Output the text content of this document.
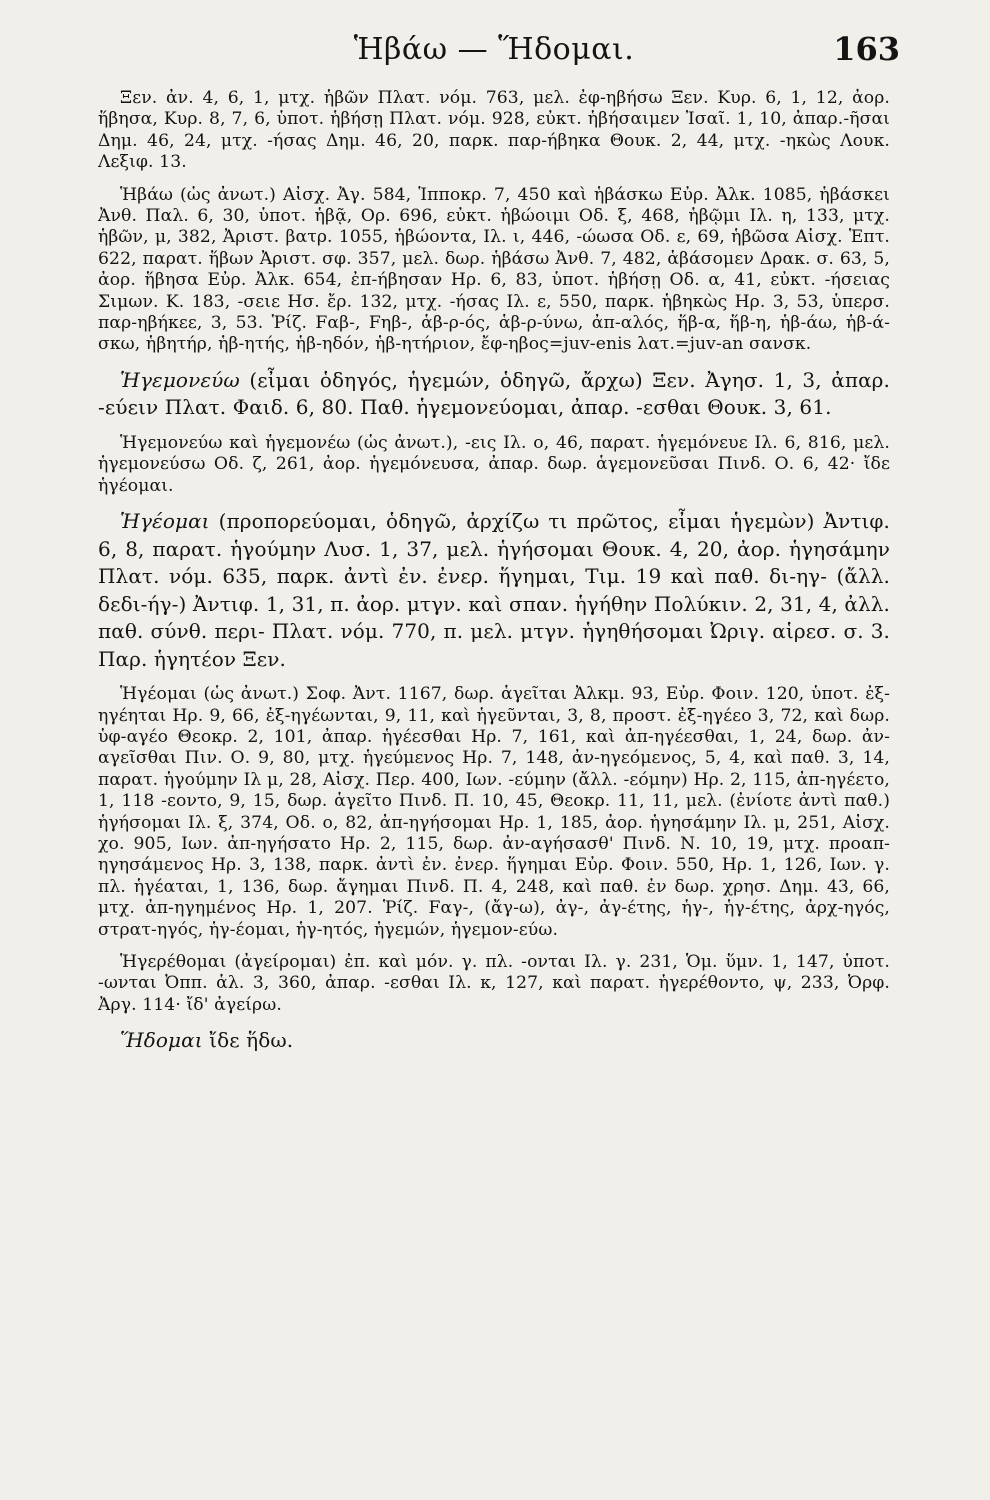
Ἡβάω — Ἥδομαι.	163

Ξεν. ἀν. 4, 6, 1, μτχ. ἡβῶν Πλατ. νόμ. 763, μελ. ἐφ-ηβήσω Ξεν. Κυρ. 6, 1, 12, ἀορ. ἥβησα, Κυρ. 8, 7, 6, ὑποτ. ἡβήσῃ Πλατ. νόμ. 928, εὐκτ. ἡβήσαιμεν Ἰσαῖ. 1, 10, ἀπαρ.-ῆσαι Δημ. 46, 24, μτχ. -ήσας Δημ. 46, 20, παρκ. παρ-ήβηκα Θουκ. 2, 44, μτχ. -ηκὼς Λουκ. Λεξιφ. 13.

Ἡβάω (ὡς ἀνωτ.) Αἰσχ. Ἀγ. 584, Ἱπποκρ. 7, 450 καὶ ἡβάσκω Εὐρ. Ἀλκ. 1085, ἡβάσκει Ἀνθ. Παλ. 6, 30, ὑποτ. ἡβᾷ, Ορ. 696, εὐκτ. ἡβώοιμι Οδ. ξ, 468, ἡβῷμι Ιλ. η, 133, μτχ. ἡβῶν, μ, 382, Ἀριστ. βατρ. 1055, ἡβώοντα, Ιλ. ι, 446, -ώωσα Οδ. ε, 69, ἡβῶσα Αἰσχ. Ἑπτ. 622, παρατ. ἥβων Ἀριστ. σφ. 357, μελ. δωρ. ἡβάσω Ἀνθ. 7, 482, ἁβάσομεν Δρακ. σ. 63, 5, ἀορ. ἥβησα Εὐρ. Ἀλκ. 654, ἐπ-ήβησαν Ηρ. 6, 83, ὑποτ. ἡβήσῃ Οδ. α, 41, εὐκτ. -ήσειας Σιμων. Κ. 183, -σειε Ησ. ἔρ. 132, μτχ. -ήσας Ιλ. ε, 550, παρκ. ἡβηκὼς Ηρ. 3, 53, ὑπερσ. παρ-ηβήκεε, 3, 53. Ῥίζ. Fαβ-, Fηβ-, ἁβ-ρ-ός, ἁβ-ρ-ύνω, ἀπ-αλός, ἥβ-α, ἥβ-η, ἡβ-άω, ἡβ-ά-σκω, ἡβητήρ, ἡβ-ητής, ἡβ-ηδόν, ἡβ-ητήριον, ἔφ-ηβος=juv-enis λατ.=juv-an σανσκ.

Ἡγεμονεύω (εἶμαι ὁδηγός, ἡγεμών, ὁδηγῶ, ἄρχω) Ξεν. Ἀγησ. 1, 3, ἀπαρ. -εύειν Πλατ. Φαιδ. 6, 80. Παθ. ἡγεμονεύομαι, ἀπαρ. -εσθαι Θουκ. 3, 61.

Ἡγεμονεύω καὶ ἡγεμονέω (ὡς ἀνωτ.), -εις Ιλ. ο, 46, παρατ. ἡγεμόνευε Ιλ. 6, 816, μελ. ἡγεμονεύσω Οδ. ζ, 261, ἀορ. ἡγεμόνευσα, ἀπαρ. δωρ. ἁγεμονεῦσαι Πινδ. Ο. 6, 42· ἴδε ἡγέομαι.

Ἡγέομαι (προπορεύομαι, ὁδηγῶ, ἀρχίζω τι πρῶτος, εἶμαι ἡγεμὼν) Ἀντιφ. 6, 8, παρατ. ἡγούμην Λυσ. 1, 37, μελ. ἡγήσομαι Θουκ. 4, 20, ἀορ. ἡγησάμην Πλατ. νόμ. 635, παρκ. ἀντὶ ἐν. ἐνερ. ἥγημαι, Τιμ. 19 καὶ παθ. δι-ηγ- (ἄλλ. δεδι-ήγ-) Ἀντιφ. 1, 31, π. ἀορ. μτγν. καὶ σπαν. ἡγήθην Πολύκιν. 2, 31, 4, ἀλλ. παθ. σύνθ. περι- Πλατ. νόμ. 770, π. μελ. μτγν. ἡγηθήσομαι Ὠριγ. αἱρεσ. σ. 3. Παρ. ἡγητέον Ξεν.

Ἡγέομαι (ὡς ἀνωτ.) Σοφ. Ἀντ. 1167, δωρ. ἁγεῖται Ἀλκμ. 93, Εὐρ. Φοιν. 120, ὑποτ. ἐξ-ηγέηται Ηρ. 9, 66, ἐξ-ηγέωνται, 9, 11, καὶ ἡγεῦνται, 3, 8, προστ. ἐξ-ηγέεο 3, 72, καὶ δωρ. ὑφ-αγέο Θεοκρ. 2, 101, ἀπαρ. ἡγέεσθαι Ηρ. 7, 161, καὶ ἀπ-ηγέεσθαι, 1, 24, δωρ. ἀν-αγεῖσθαι Πιν. Ο. 9, 80, μτχ. ἡγεύμενος Ηρ. 7, 148, ἀν-ηγεόμενος, 5, 4, καὶ παθ. 3, 14, παρατ. ἡγούμην Ιλ μ, 28, Αἰσχ. Περ. 400, Ιων. -εύμην (ἄλλ. -εόμην) Ηρ. 2, 115, ἀπ-ηγέετο, 1, 118 -εοντο, 9, 15, δωρ. ἁγεῖτο Πινδ. Π. 10, 45, Θεοκρ. 11, 11, μελ. (ἐνίοτε ἀντὶ παθ.) ἡγήσομαι Ιλ. ξ, 374, Οδ. ο, 82, ἀπ-ηγήσομαι Ηρ. 1, 185, ἀορ. ἡγησάμην Ιλ. μ, 251, Αἰσχ. χο. 905, Ιων. ἀπ-ηγήσατο Ηρ. 2, 115, δωρ. ἀν-αγήσασθ' Πινδ. Ν. 10, 19, μτχ. προαπ-ηγησάμενος Ηρ. 3, 138, παρκ. ἀντὶ ἐν. ἐνερ. ἥγημαι Εὐρ. Φοιν. 550, Ηρ. 1, 126, Ιων. γ. πλ. ἡγέαται, 1, 136, δωρ. ἄγημαι Πινδ. Π. 4, 248, καὶ παθ. ἐν δωρ. χρησ. Δημ. 43, 66, μτχ. ἀπ-ηγημένος Ηρ. 1, 207. Ῥίζ. Fαγ-, (ἄγ-ω), ἀγ-, ἀγ-έτης, ἡγ-, ἡγ-έτης, ἀρχ-ηγός, στρατ-ηγός, ἡγ-έομαι, ἡγ-ητός, ἡγεμών, ἡγεμον-εύω.

Ἡγερέθομαι (ἀγείρομαι) ἐπ. καὶ μόν. γ. πλ. -ονται Ιλ. γ. 231, Ὁμ. ὕμν. 1, 147, ὑποτ. -ωνται Ὀππ. ἁλ. 3, 360, ἀπαρ. -εσθαι Ιλ. κ, 127, καὶ παρατ. ἡγερέθοντο, ψ, 233, Ὀρφ. Ἀργ. 114· ἴδ' ἀγείρω.

Ἥδομαι ἴδε ἥδω.
